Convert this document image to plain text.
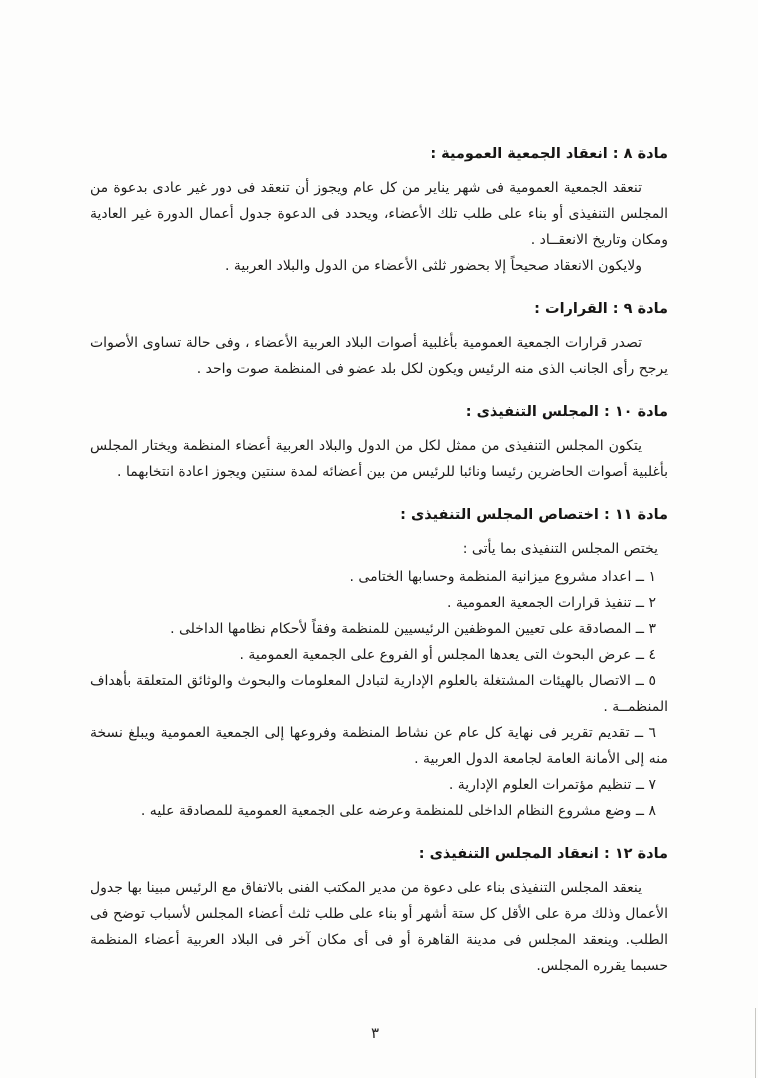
مادة ٨ : انعقاد الجمعية العمومية :

تنعقد الجمعية العمومية فى شهر يناير من كل عام ويجوز أن تنعقد فى دور غير عادى بدعوة من المجلس التنفيذى أو بناء على طلب تلك الأعضاء، ويحدد فى الدعوة جدول أعمال الدورة غير العادية ومكان وتاريخ الانعقــاد .

ولايكون الانعقاد صحيحاً إلا بحضور ثلثى الأعضاء من الدول والبلاد العربية .

مادة ٩ : القرارات :

تصدر قرارات الجمعية العمومية بأغلبية أصوات البلاد العربية الأعضاء ، وفى حالة تساوى الأصوات يرجح رأى الجانب الذى منه الرئيس ويكون لكل بلد عضو فى المنظمة صوت واحد .

مادة ١٠ : المجلس التنفيذى :

يتكون المجلس التنفيذى من ممثل لكل من الدول والبلاد العربية أعضاء المنظمة ويختار المجلس بأغلبية أصوات الحاضرين رئيسا ونائبا للرئيس من بين أعضائه لمدة سنتين ويجوز اعادة انتخابهما .

مادة ١١ : اختصاص المجلس التنفيذى :

يختص المجلس التنفيذى بما يأتى :

١ ــ اعداد مشروع ميزانية المنظمة وحسابها الختامى .

٢ ــ تنفيذ قرارات الجمعية العمومية .

٣ ــ المصادقة على تعيين الموظفين الرئيسيين للمنظمة وفقاً لأحكام نظامها الداخلى .

٤ ــ عرض البحوث التى يعدها المجلس أو الفروع على الجمعية العمومية .

٥ ــ الاتصال بالهيئات المشتغلة بالعلوم الإدارية لتبادل المعلومات والبحوث والوثائق المتعلقة بأهداف المنظمــة .

٦ ــ تقديم تقرير فى نهاية كل عام عن نشاط المنظمة وفروعها إلى الجمعية العمومية ويبلغ نسخة منه إلى الأمانة العامة لجامعة الدول العربية .

٧ ــ تنظيم مؤتمرات العلوم الإدارية .

٨ ــ وضع مشروع النظام الداخلى للمنظمة وعرضه على الجمعية العمومية للمصادقة عليه .

مادة ١٢ : انعقاد المجلس التنفيذى :

ينعقد المجلس التنفيذى بناء على دعوة من مدير المكتب الفنى بالاتفاق مع الرئيس مبينا بها جدول الأعمال وذلك مرة على الأقل كل ستة أشهر أو بناء على طلب ثلث أعضاء المجلس لأسباب توضح فى الطلب. وينعقد المجلس فى مدينة القاهرة أو فى أى مكان آخر فى البلاد العربية أعضاء المنظمة حسبما يقرره المجلس.

٣
